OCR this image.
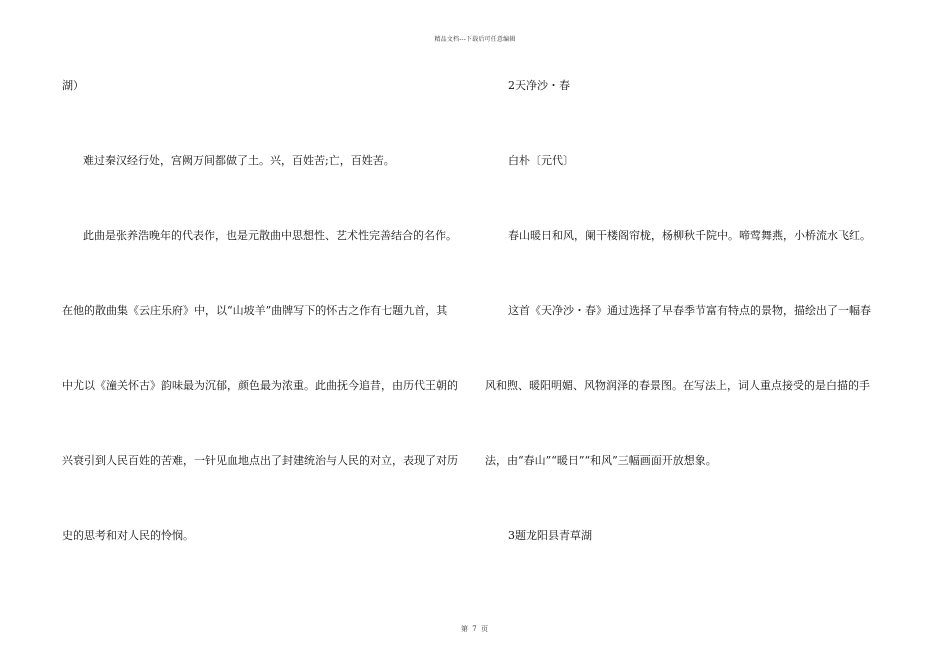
精品文档---下载后可任意编辑
湖）
难过秦汉经行处，宫阙万间都做了土。兴，百姓苦;亡，百姓苦。
此曲是张养浩晚年的代表作，也是元散曲中思想性、艺术性完善结合的名作。
在他的散曲集《云庄乐府》中，以“山坡羊”曲牌写下的怀古之作有七题九首，其
中尤以《潼关怀古》韵味最为沉郁，颜色最为浓重。此曲抚今追昔，由历代王朝的
兴衰引到人民百姓的苦难，一针见血地点出了封建统治与人民的对立，表现了对历
史的思考和对人民的怜悯。
2天净沙・春
白朴〔元代〕
春山暖日和风，阑干楼阁帘栊，杨柳秋千院中。啼莺舞燕，小桥流水飞红。
这首《天净沙・春》通过选择了早春季节富有特点的景物，描绘出了一幅春
风和煦、暖阳明媚、风物润泽的春景图。在写法上，词人重点接受的是白描的手
法，由“春山”“暖日”“和风”三幅画面开放想象。
3题龙阳县青草湖
第 7 页
